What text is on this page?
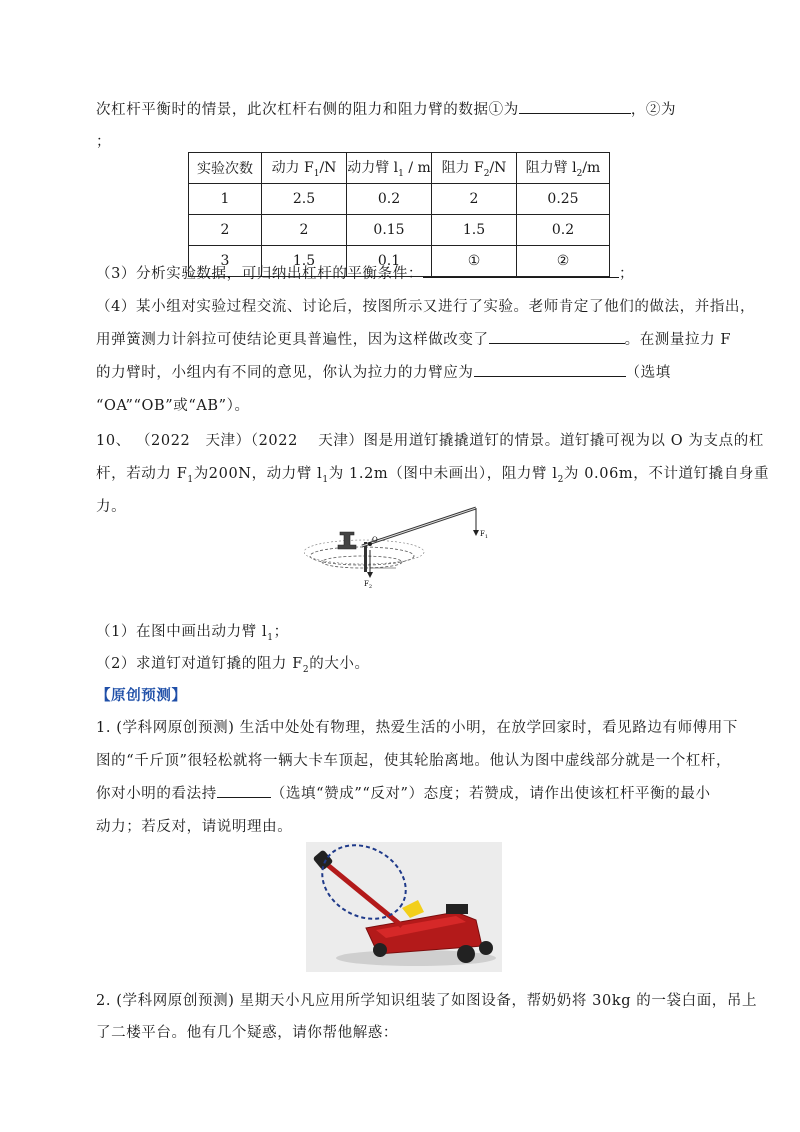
次杠杆平衡时的情景，此次杠杆右侧的阻力和阻力臂的数据①为	，②为
；
实验次数	动力 $F_1/N$	动力臂 $l_1$ / m	阻力 $F_2/N$	阻力臂 $l_2/m$
1	2.5	0.2	2	0.25
2	2	0.15	1.5	0.2
3	1.5	0.1	①	②
（3）分析实验数据，可归纳出杠杆的平衡条件：	；
（4）某小组对实验过程交流、讨论后，按图所示又进行了实验。老师肯定了他们的做法，并指出，
用弹簧测力计斜拉可使结论更具普遍性，因为这样做改变了	。在测量拉力 F
的力臂时，小组内有不同的意见，你认为拉力的力臂应为	（选填
“OA”“OB”或“AB”）。
10、 （2022　天津）（2022　 天津）图是用道钉撬撬道钉的情景。道钉撬可视为以 O 为支点的杠
杆，若动力 $F_1$为200N，动力臂 $l_1$为 1.2m（图中未画出），阻力臂 $l_2$为 0.06m，不计道钉撬自身重
力。
$F_1$
$F_2$
O
（1）在图中画出动力臂 $l_1$；
（2）求道钉对道钉撬的阻力 $F_2$的大小。
【原创预测】
1. (学科网原创预测) 生活中处处有物理，热爱生活的小明，在放学回家时，看见路边有师傅用下
图的“千斤顶”很轻松就将一辆大卡车顶起，使其轮胎离地。他认为图中虚线部分就是一个杠杆，
你对小明的看法持	（选填“赞成”“反对”）态度；若赞成，请作出使该杠杆平衡的最小
动力；若反对，请说明理由。
2. (学科网原创预测) 星期天小凡应用所学知识组装了如图设备，帮奶奶将 30kg 的一袋白面，吊上
了二楼平台。他有几个疑惑，请你帮他解惑：
